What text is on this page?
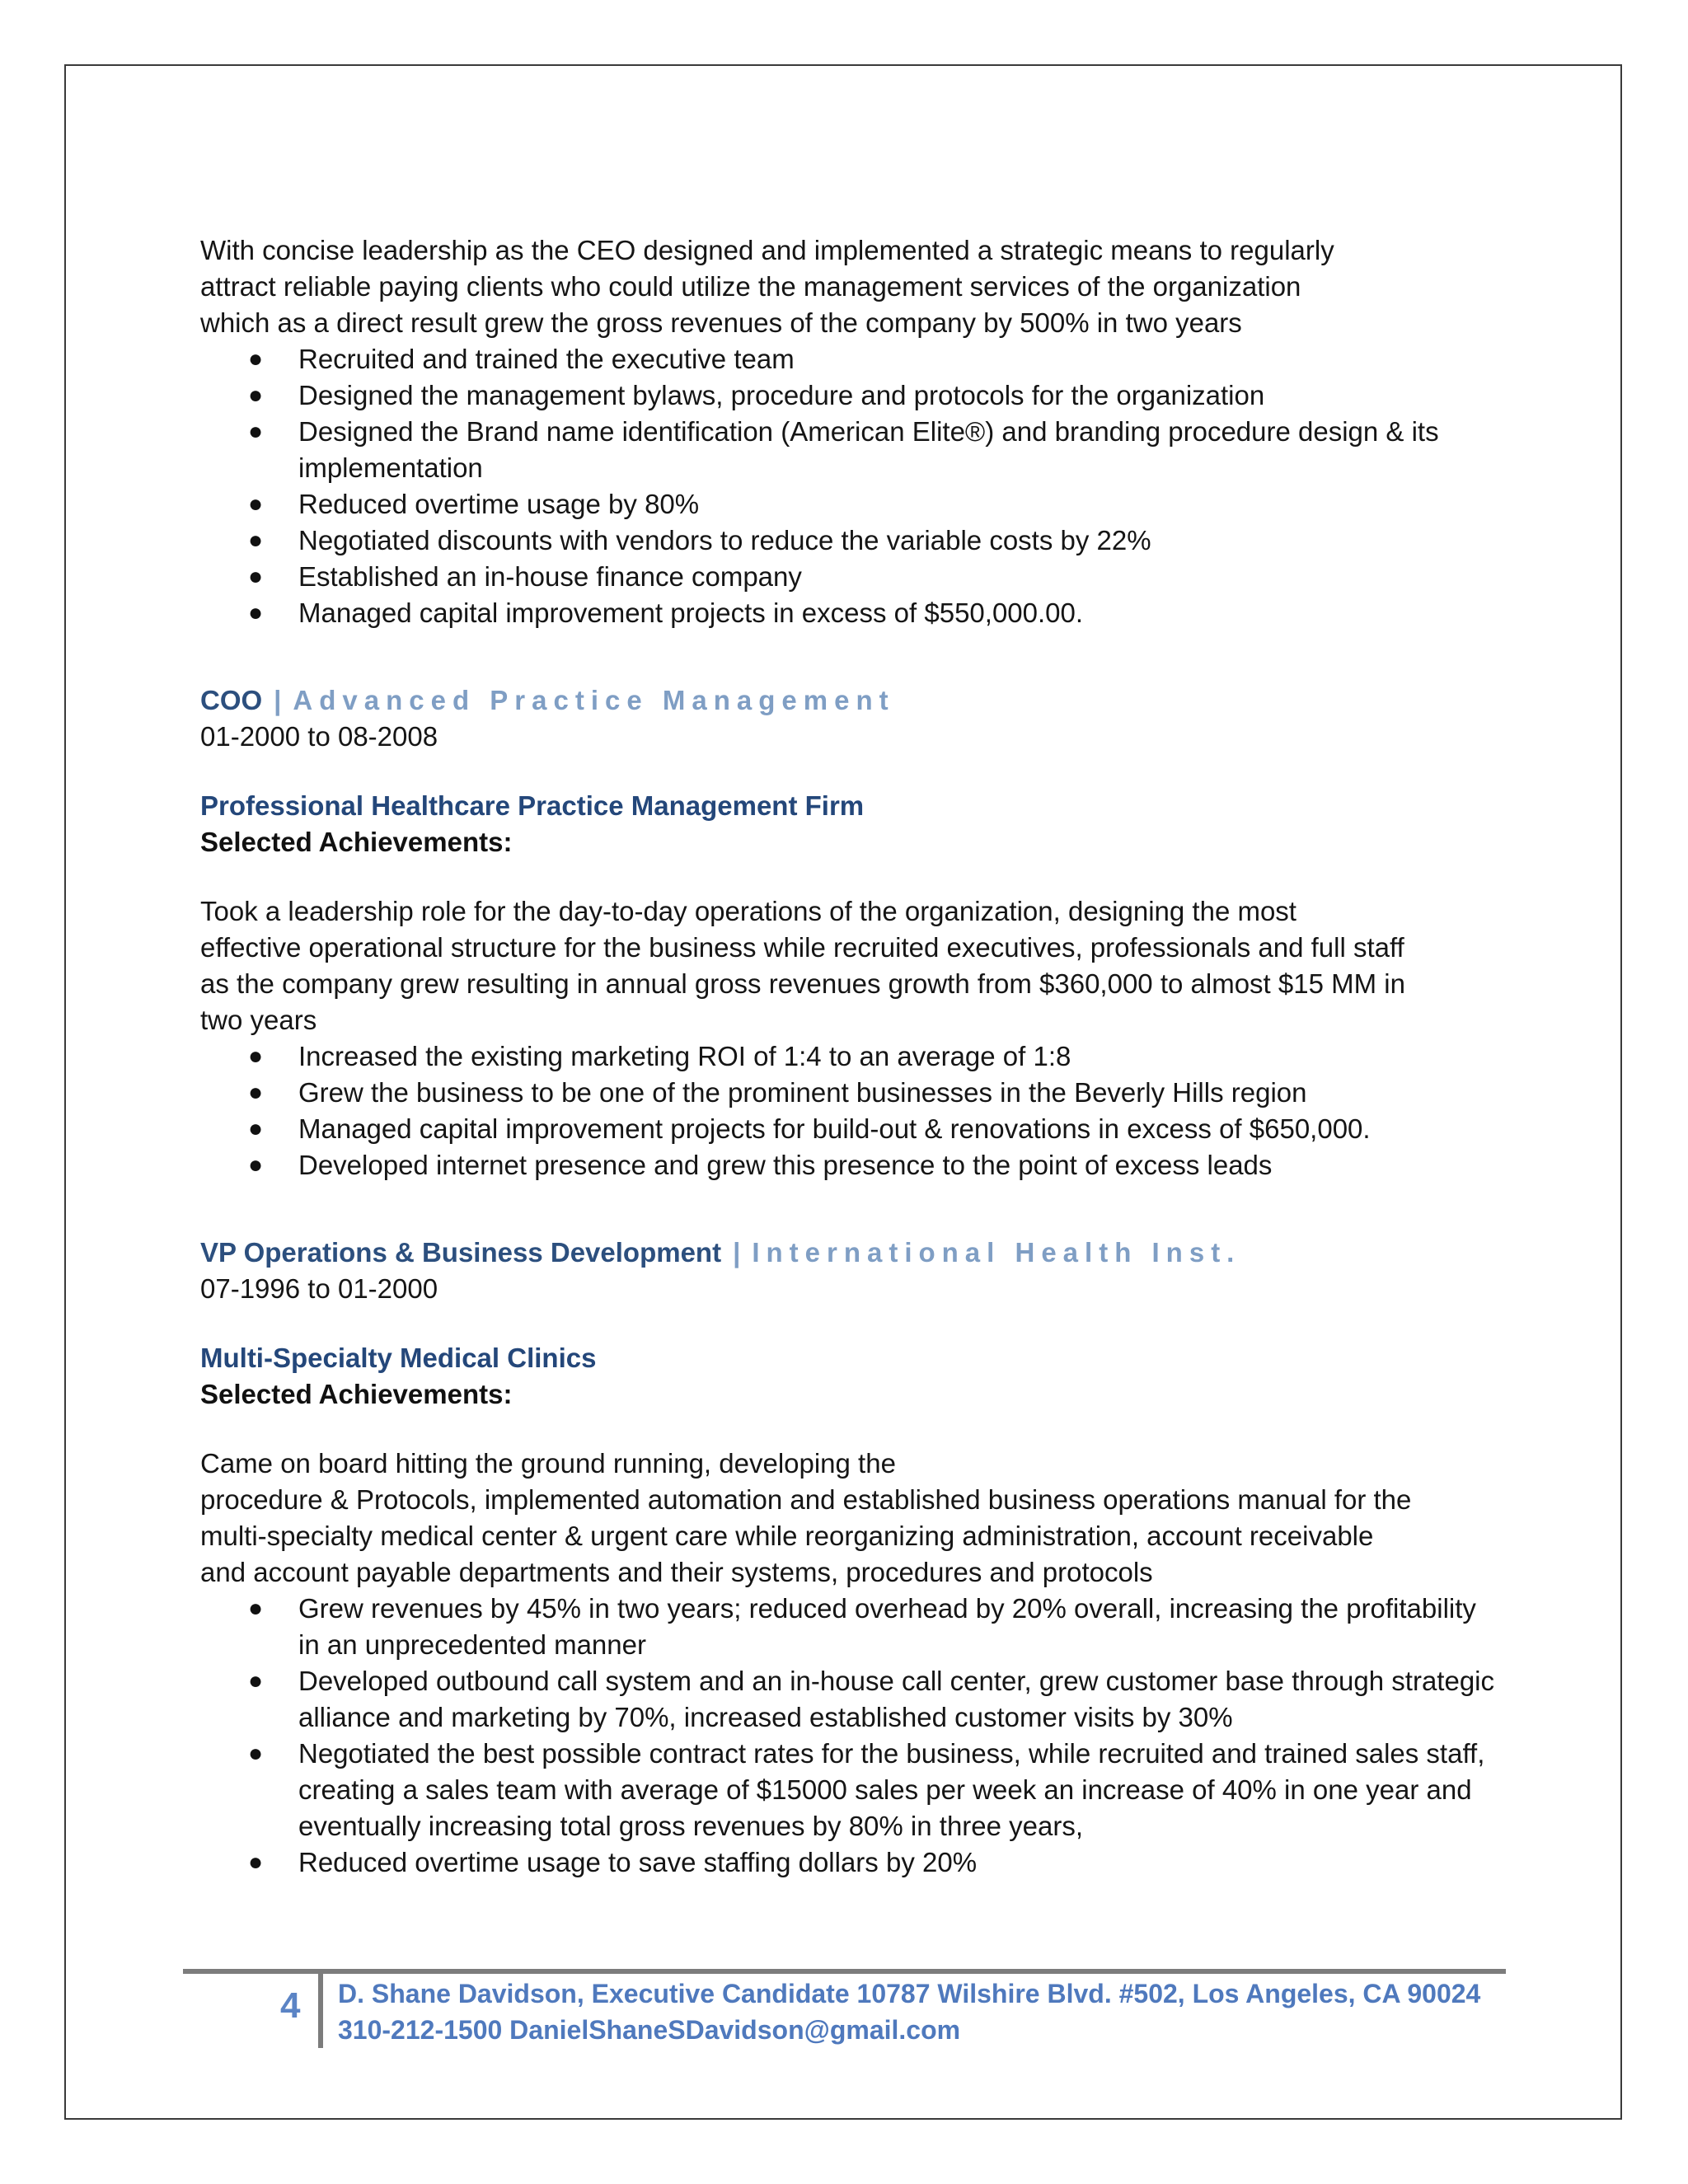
With concise leadership as the CEO designed and implemented a strategic means to regularly

attract reliable paying clients who could utilize the management services of the organization

which as a direct result grew the gross revenues of the company by 500% in two years

● Recruited and trained the executive team
● Designed the management bylaws, procedure and protocols for the organization
● Designed the Brand name identification (American Elite®) and branding procedure design & its implementation
● Reduced overtime usage by 80%
● Negotiated discounts with vendors to reduce the variable costs by 22%
● Established an in-house finance company
● Managed capital improvement projects in excess of $550,000.00.

COO | Advanced Practice Management

01-2000 to 08-2008

Professional Healthcare Practice Management Firm

Selected Achievements:

Took a leadership role for the day-to-day operations of the organization, designing the most

effective operational structure for the business while recruited executives, professionals and full staff

as the company grew resulting in annual gross revenues growth from $360,000 to almost $15 MM in

two years

● Increased the existing marketing ROI of 1:4 to an average of 1:8
● Grew the business to be one of the prominent businesses in the Beverly Hills region
● Managed capital improvement projects for build-out & renovations in excess of $650,000.
● Developed internet presence and grew this presence to the point of excess leads

VP Operations & Business Development | International Health Inst.

07-1996 to 01-2000

Multi-Specialty Medical Clinics

Selected Achievements:

Came on board hitting the ground running, developing the

procedure & Protocols, implemented automation and established business operations manual for the

multi-specialty medical center & urgent care while reorganizing administration, account receivable

and account payable departments and their systems, procedures and protocols

● Grew revenues by 45% in two years; reduced overhead by 20% overall, increasing the profitability in an unprecedented manner
● Developed outbound call system and an in-house call center, grew customer base through strategic alliance and marketing by 70%, increased established customer visits by 30%
● Negotiated the best possible contract rates for the business, while recruited and trained sales staff, creating a sales team with average of $15000 sales per week an increase of 40% in one year and eventually increasing total gross revenues by 80% in three years,
● Reduced overtime usage to save staffing dollars by 20%
4	D. Shane Davidson, Executive Candidate 10787 Wilshire Blvd. #502, Los Angeles, CA 90024
310-212-1500 DanielShaneSDavidson@gmail.com
